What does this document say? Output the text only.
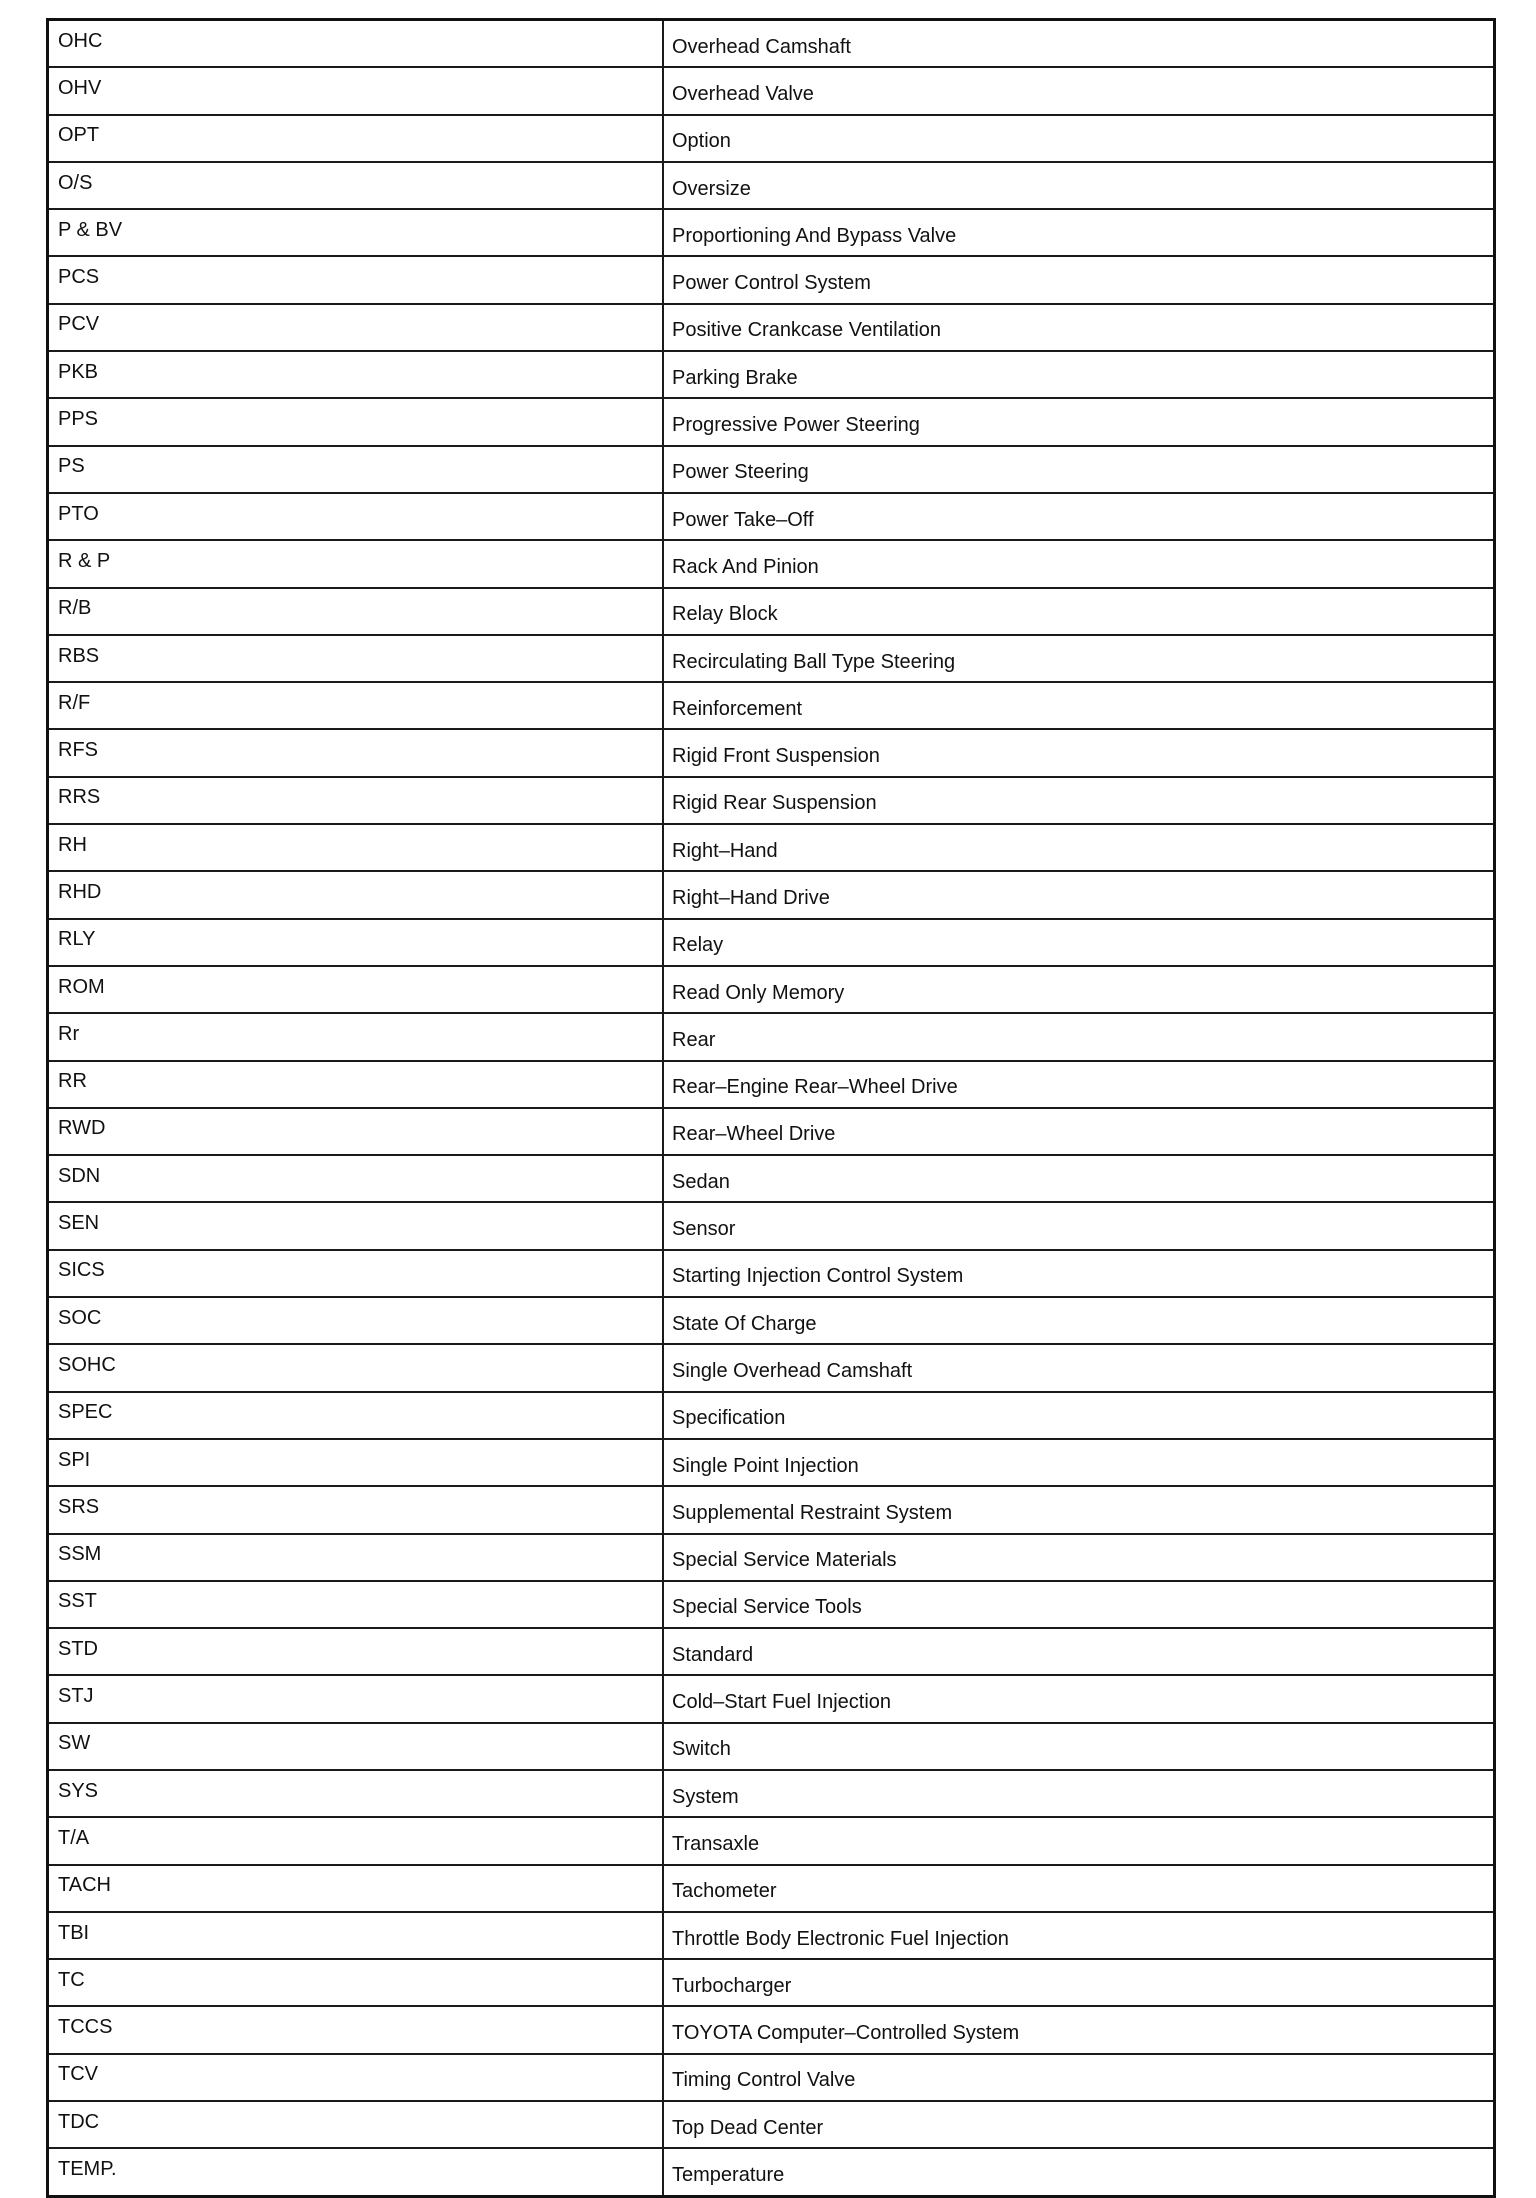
OHC	Overhead Camshaft
OHV	Overhead Valve
OPT	Option
O/S	Oversize
P & BV	Proportioning And Bypass Valve
PCS	Power Control System
PCV	Positive Crankcase Ventilation
PKB	Parking Brake
PPS	Progressive Power Steering
PS	Power Steering
PTO	Power Take–Off
R & P	Rack And Pinion
R/B	Relay Block
RBS	Recirculating Ball Type Steering
R/F	Reinforcement
RFS	Rigid Front Suspension
RRS	Rigid Rear Suspension
RH	Right–Hand
RHD	Right–Hand Drive
RLY	Relay
ROM	Read Only Memory
Rr	Rear
RR	Rear–Engine Rear–Wheel Drive
RWD	Rear–Wheel Drive
SDN	Sedan
SEN	Sensor
SICS	Starting Injection Control System
SOC	State Of Charge
SOHC	Single Overhead Camshaft
SPEC	Specification
SPI	Single Point Injection
SRS	Supplemental Restraint System
SSM	Special Service Materials
SST	Special Service Tools
STD	Standard
STJ	Cold–Start Fuel Injection
SW	Switch
SYS	System
T/A	Transaxle
TACH	Tachometer
TBI	Throttle Body Electronic Fuel Injection
TC	Turbocharger
TCCS	TOYOTA Computer–Controlled System
TCV	Timing Control Valve
TDC	Top Dead Center
TEMP.	Temperature
